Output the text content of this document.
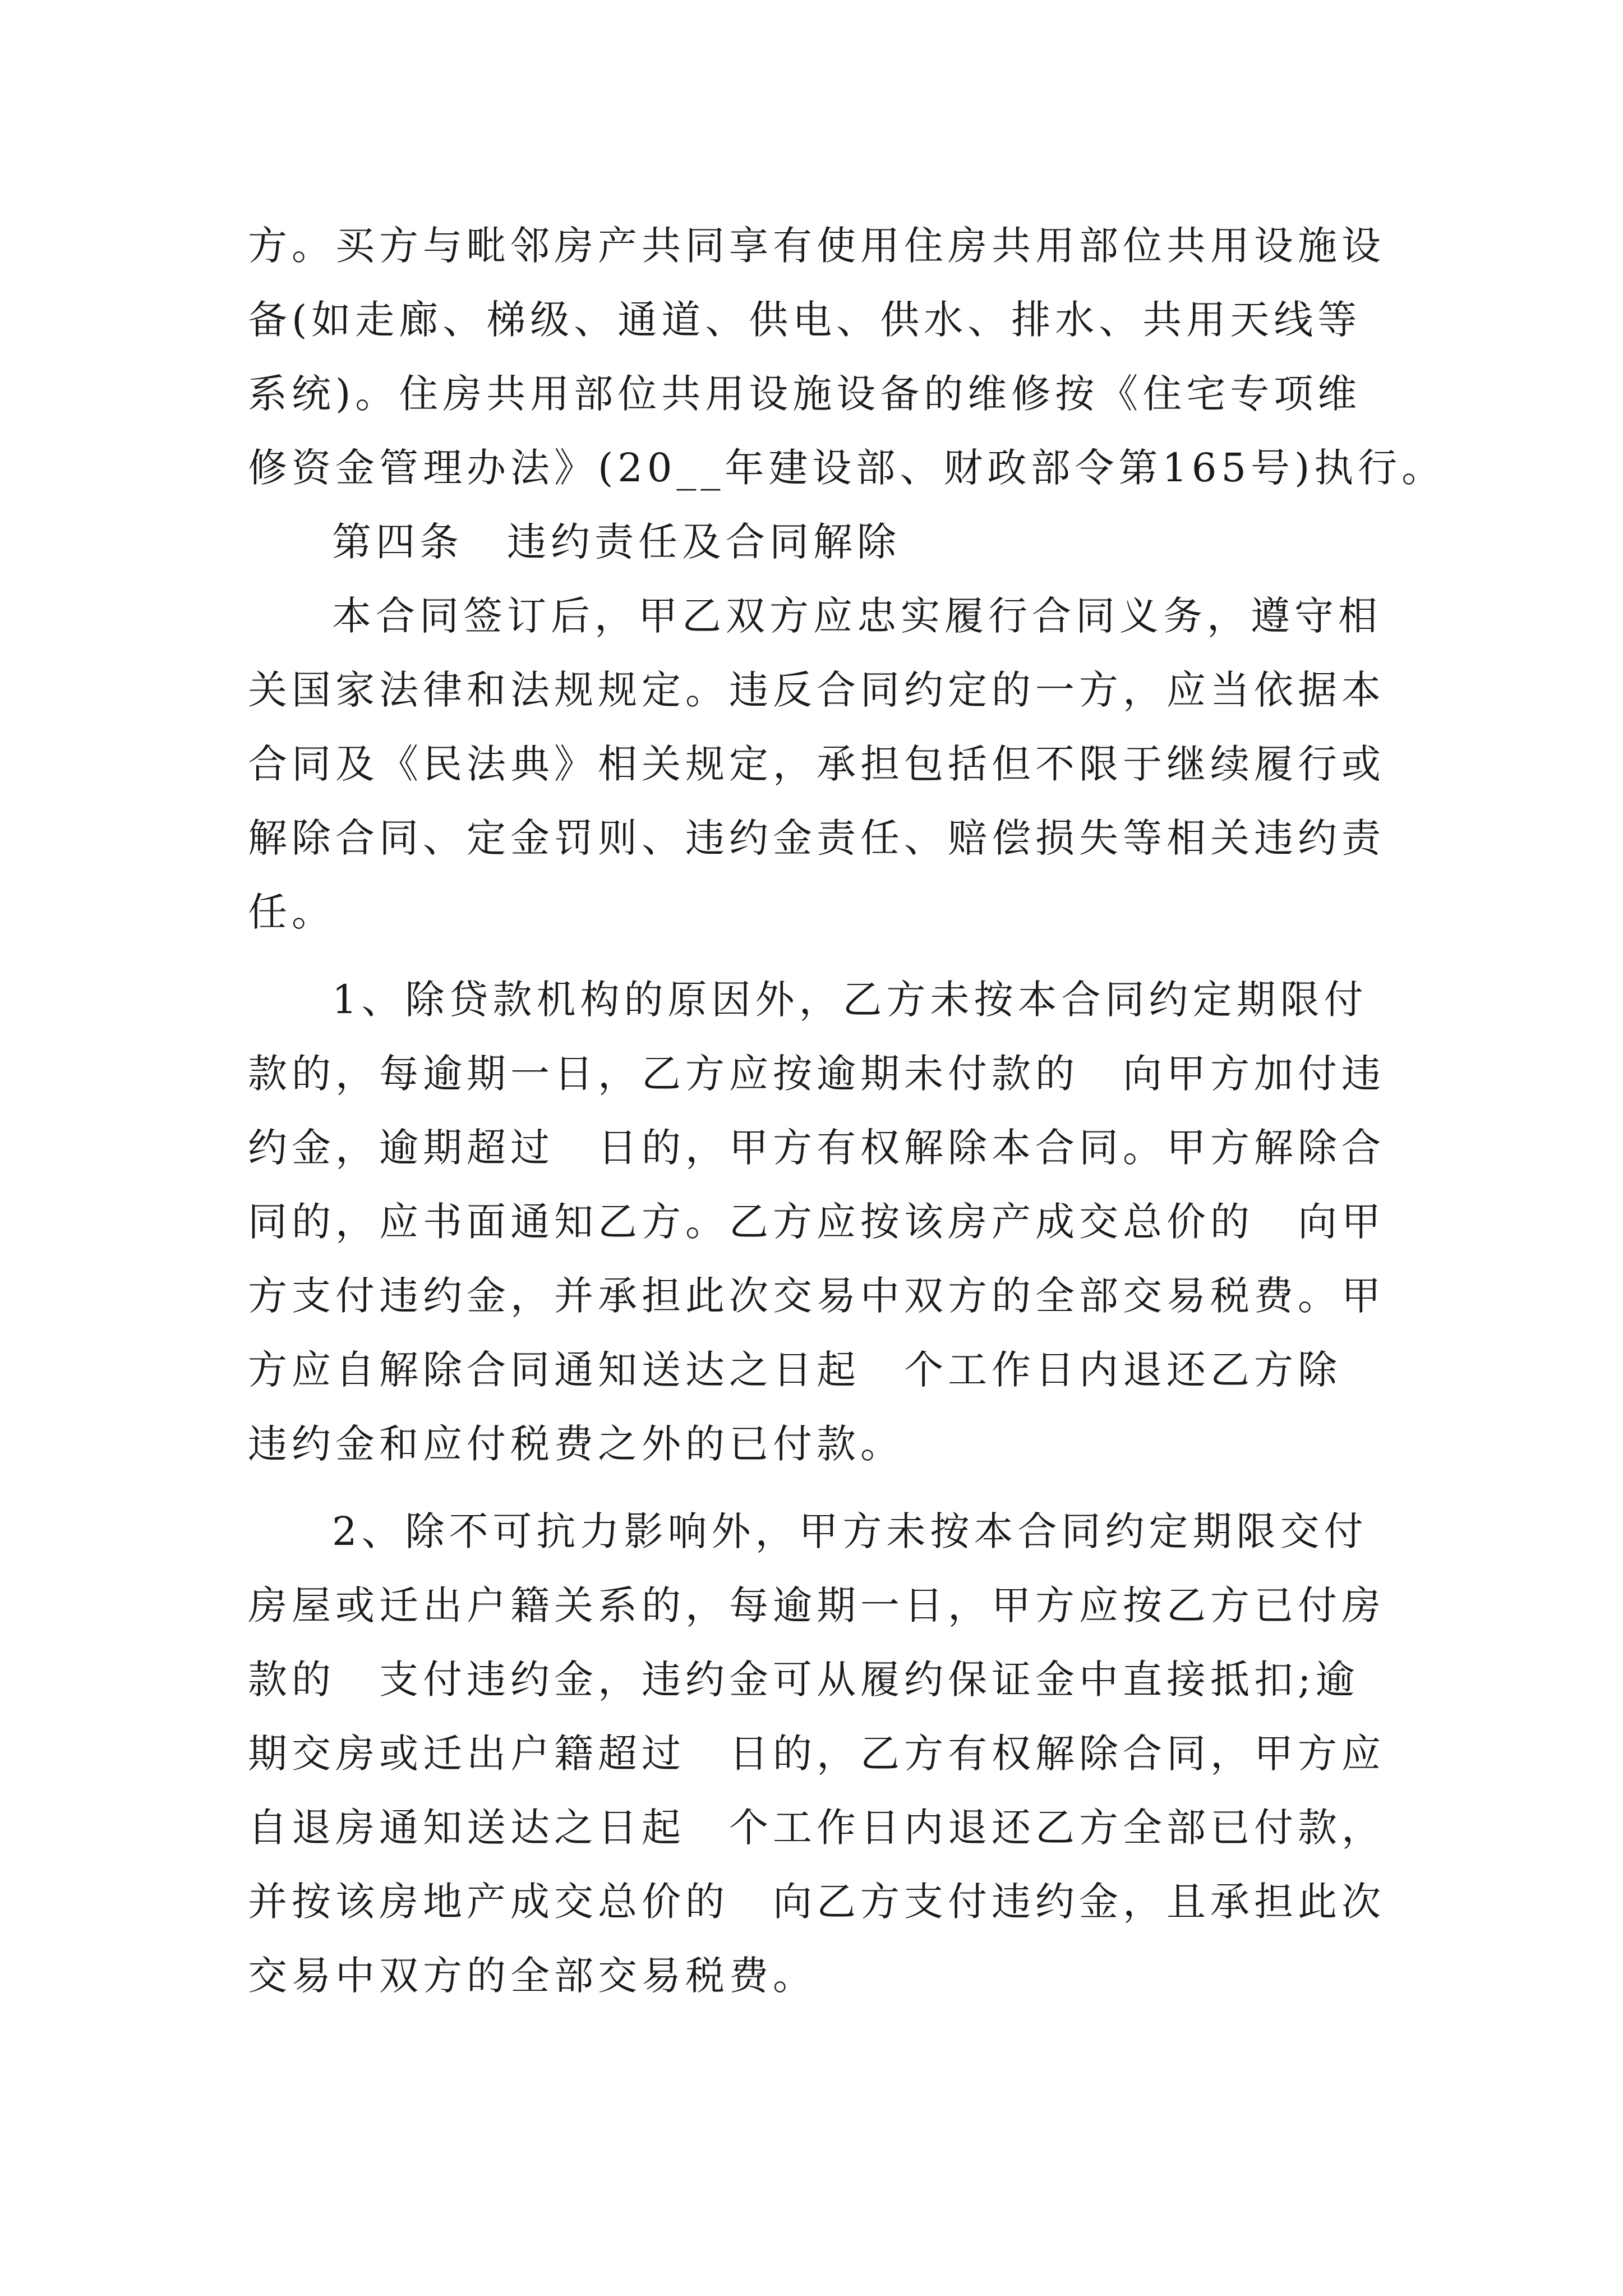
方。买方与毗邻房产共同享有使用住房共用部位共用设施设
备(如走廊、梯级、通道、供电、供水、排水、共用天线等
系统)。住房共用部位共用设施设备的维修按《住宅专项维
修资金管理办法》(20__年建设部、财政部令第165号)执行。
第四条　违约责任及合同解除
本合同签订后，甲乙双方应忠实履行合同义务，遵守相
关国家法律和法规规定。违反合同约定的一方，应当依据本
合同及《民法典》相关规定，承担包括但不限于继续履行或
解除合同、定金罚则、违约金责任、赔偿损失等相关违约责
任。
1、除贷款机构的原因外，乙方未按本合同约定期限付
款的，每逾期一日，乙方应按逾期未付款的　向甲方加付违
约金，逾期超过　日的，甲方有权解除本合同。甲方解除合
同的，应书面通知乙方。乙方应按该房产成交总价的　向甲
方支付违约金，并承担此次交易中双方的全部交易税费。甲
方应自解除合同通知送达之日起　个工作日内退还乙方除
违约金和应付税费之外的已付款。
2、除不可抗力影响外，甲方未按本合同约定期限交付
房屋或迁出户籍关系的，每逾期一日，甲方应按乙方已付房
款的　支付违约金，违约金可从履约保证金中直接抵扣;逾
期交房或迁出户籍超过　日的，乙方有权解除合同，甲方应
自退房通知送达之日起　个工作日内退还乙方全部已付款，
并按该房地产成交总价的　向乙方支付违约金，且承担此次
交易中双方的全部交易税费。
